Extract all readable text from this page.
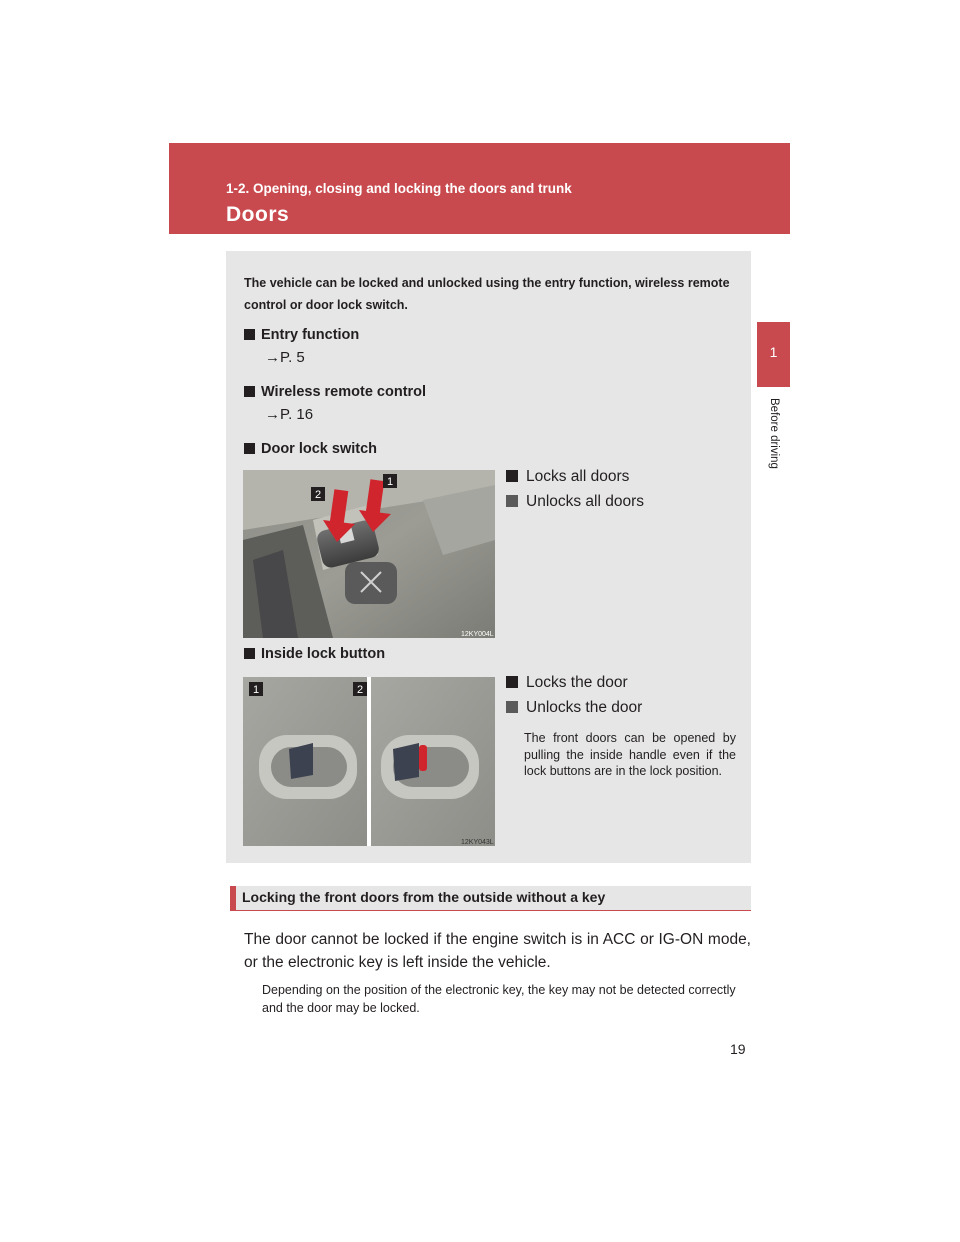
1-2. Opening, closing and locking the doors and trunk
Doors
1
Before driving
The vehicle can be locked and unlocked using the entry function, wireless remote control or door lock switch.
Entry function
→P. 5
Wireless remote control
→P. 16
Door lock switch
2
1
12KY004L
Locks all doors
Unlocks all doors
Inside lock button
1	2
12KY043L
Locks the door
Unlocks the door
The front doors can be opened by pulling the inside handle even if the lock buttons are in the lock position.
Locking the front doors from the outside without a key
The door cannot be locked if the engine switch is in ACC or IG-ON mode, or the electronic key is left inside the vehicle.
Depending on the position of the electronic key, the key may not be detected correctly and the door may be locked.
19
